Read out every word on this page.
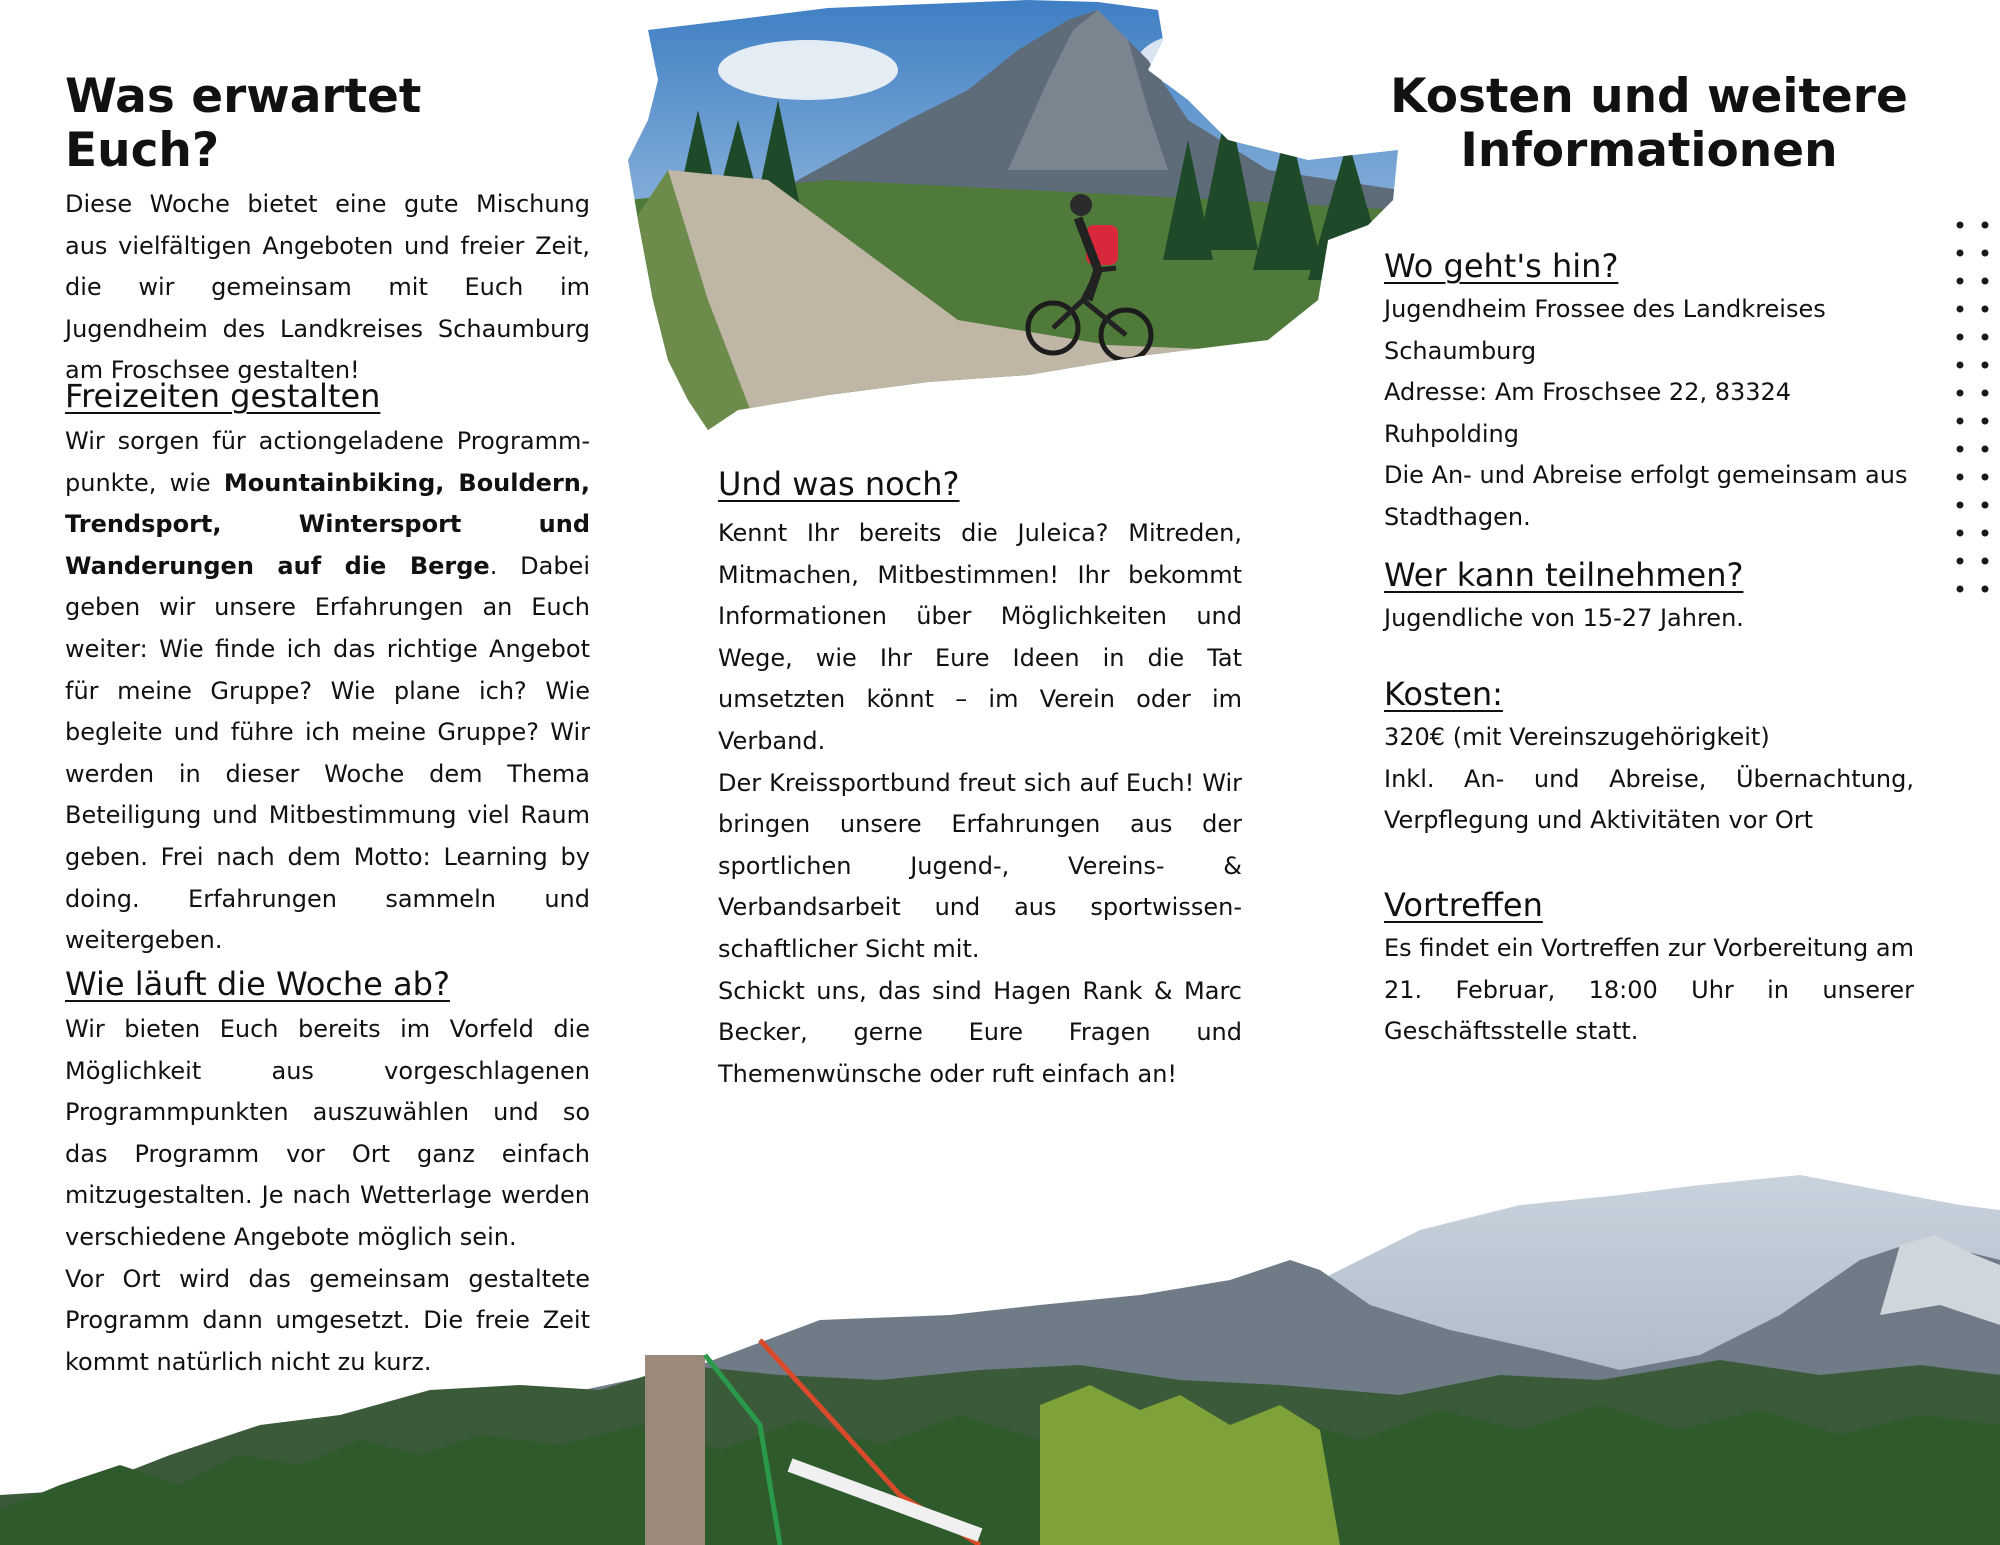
Was erwartet Euch?

Diese Woche bietet eine gute Mischung aus vielfältigen Angeboten und freier Zeit, die wir gemeinsam mit Euch im Jugendheim des Landkreises Schaumburg am Froschsee gestalten!

Freizeiten gestalten

Wir sorgen für actiongeladene Programm-punkte, wie Mountainbiking, Bouldern, Trendsport, Wintersport und Wanderungen auf die Berge. Dabei geben wir unsere Erfahrungen an Euch weiter: Wie finde ich das richtige Angebot für meine Gruppe? Wie plane ich? Wie begleite und führe ich meine Gruppe? Wir werden in dieser Woche dem Thema Beteiligung und Mitbestimmung viel Raum geben. Frei nach dem Motto: Learning by doing. Erfahrungen sammeln und weitergeben.

Wie läuft die Woche ab?

Wir bieten Euch bereits im Vorfeld die Möglichkeit aus vorgeschlagenen Programmpunkten auszuwählen und so das Programm vor Ort ganz einfach mitzugestalten. Je nach Wetterlage werden verschiedene Angebote möglich sein.

Vor Ort wird das gemeinsam gestaltete Programm dann umgesetzt. Die freie Zeit kommt natürlich nicht zu kurz.

Und was noch?

Kennt Ihr bereits die Juleica? Mitreden, Mitmachen, Mitbestimmen! Ihr bekommt Informationen über Möglichkeiten und Wege, wie Ihr Eure Ideen in die Tat umsetzten könnt – im Verein oder im Verband.

Der Kreissportbund freut sich auf Euch! Wir bringen unsere Erfahrungen aus der sportlichen Jugend-, Vereins- & Verbandsarbeit und aus sportwissen-schaftlicher Sicht mit.

Schickt uns, das sind Hagen Rank & Marc Becker, gerne Eure Fragen und Themenwünsche oder ruft einfach an!

Kosten und weitere
Informationen
Wo geht's hin?

Jugendheim Frossee des Landkreises Schaumburg

Adresse: Am Froschsee 22, 83324 Ruhpolding

Die An- und Abreise erfolgt gemeinsam aus Stadthagen.

Wer kann teilnehmen?

Jugendliche von 15-27 Jahren.

Kosten:

320€ (mit Vereinszugehörigkeit)

Inkl. An- und Abreise, Übernachtung, Verpflegung und Aktivitäten vor Ort

Vortreffen

Es findet ein Vortreffen zur Vorbereitung am 21. Februar, 18:00 Uhr in unserer Geschäftsstelle statt.
